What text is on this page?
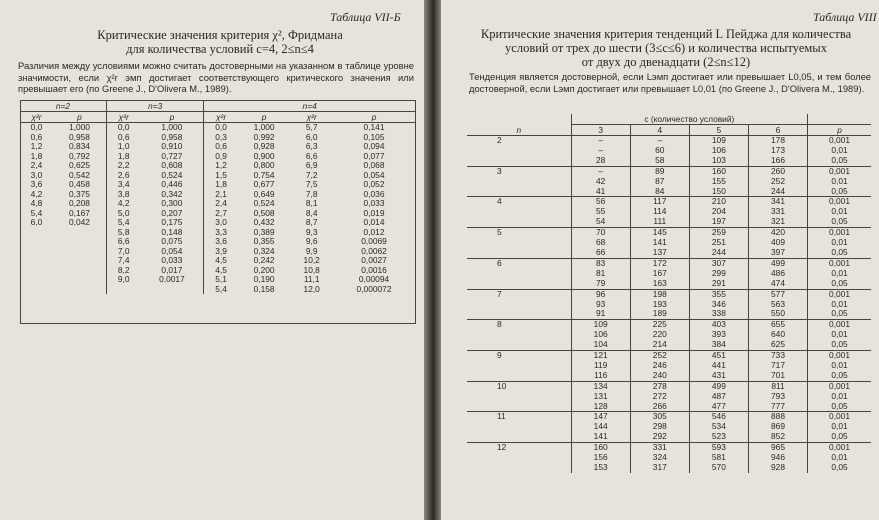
Таблица VII-Б
Критические значения критерия χ², Фридмана
для количества условий с=4, 2≤n≤4
Различия между условиями можно считать достоверными на указанном в таблице уровне значимости, если χ²r эмп достигает соответствующего критического значения или превышает его (по Greene J., D'Olivera M., 1989).
n=2		n=3		n=4			
χ²r	p	χ²r	p	χ²r	p	χ²r	p
0,0	1,000	0,0	1,000	0,0	1,000	5,7	0,141
0,6	0,958	0,6	0,958	0,3	0,992	6,0	0,105
1,2	0,834	1,0	0,910	0,6	0,928	6,3	0,094
1,8	0,792	1,8	0,727	0,9	0,900	6,6	0,077
2,4	0,625	2,2	0,608	1,2	0,800	6,9	0,068
3,0	0,542	2,6	0,524	1,5	0,754	7,2	0,054
3,6	0,458	3,4	0,446	1,8	0,677	7,5	0,052
4,2	0,375	3,8	0,342	2,1	0,649	7,8	0,036
4,8	0,208	4,2	0,300	2,4	0,524	8,1	0,033
5,4	0,167	5,0	0,207	2,7	0,508	8,4	0,019
6,0	0,042	5,4	0,175	3,0	0,432	8,7	0,014
		5,8	0,148	3,3	0,389	9,3	0,012
		6,6	0,075	3,6	0,355	9,6	0,0069
		7,0	0,054	3,9	0,324	9,9	0,0062
		7,4	0,033	4,5	0,242	10,2	0,0027
		8,2	0,017	4,5	0,200	10,8	0,0016
		9,0	0,0017	5,1	0,190	11,1	0,00094
				5,4	0,158	12,0	0,000072
Таблица VIII
Критические значения критерия тенденций L Пейджа для количества
условий от трех до шести (3≤c≤6) и количества испытуемых
от двух до двенадцати (2≤n≤12)
Тенденция является достоверной, если Lэмп достигает или превышает L0,05, и тем более достоверной, если Lэмп достигает или превышает L0,01 (по Greene J., D'Olivera M., 1989).
	c (количество условий)				
n	3	4	5	6	p
2	–	–	109	178	0,001
	–	60	106	173	0,01
	28	58	103	166	0,05
3	–	89	160	260	0,001
	42	87	155	252	0,01
	41	84	150	244	0,05
4	56	117	210	341	0,001
	55	114	204	331	0,01
	54	111	197	321	0,05
5	70	145	259	420	0,001
	68	141	251	409	0,01
	66	137	244	397	0,05
6	83	172	307	499	0,001
	81	167	299	486	0,01
	79	163	291	474	0,05
7	96	198	355	577	0,001
	93	193	346	563	0,01
	91	189	338	550	0,05
8	109	225	403	655	0,001
	106	220	393	640	0,01
	104	214	384	625	0,05
9	121	252	451	733	0,001
	119	246	441	717	0,01
	116	240	431	701	0,05
10	134	278	499	811	0,001
	131	272	487	793	0,01
	128	266	477	777	0,05
11	147	305	546	888	0,001
	144	298	534	869	0,01
	141	292	523	852	0,05
12	160	331	593	965	0,001
	156	324	581	946	0,01
	153	317	570	928	0,05
